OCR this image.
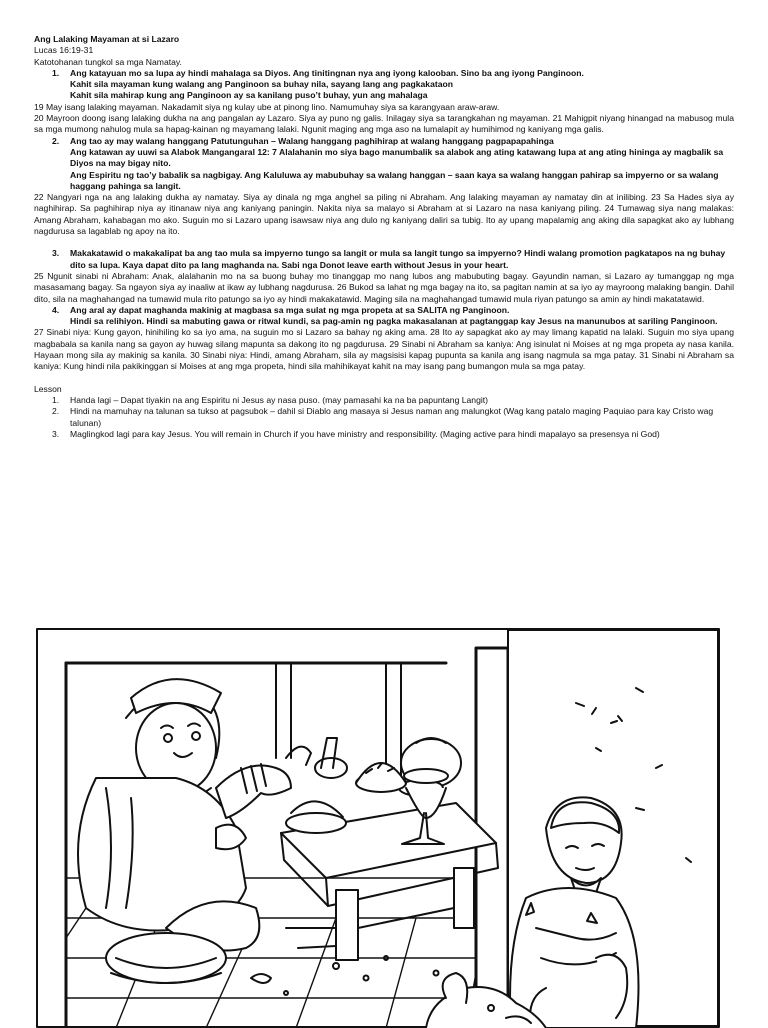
Ang Lalaking Mayaman at si Lazaro

Lucas 16:19-31

Katotohanan tungkol sa mga Namatay.

1. Ang katayuan mo sa lupa ay hindi mahalaga sa Diyos. Ang tinitingnan nya ang iyong kalooban. Sino ba ang iyong Panginoon.
Kahit sila mayaman kung walang ang Panginoon sa buhay nila, sayang lang ang pagkakataon
Kahit sila mahirap kung ang Panginoon ay sa kanilang puso’t buhay, yun ang mahalaga

19 May isang lalaking mayaman. Nakadamit siya ng kulay ube at pinong lino. Namumuhay siya sa karangyaan araw-araw.

20 Mayroon doong isang lalaking dukha na ang pangalan ay Lazaro. Siya ay puno ng galis. Inilagay siya sa tarangkahan ng mayaman. 21 Mahigpit niyang hinangad na mabusog mula sa mga mumong nahulog mula sa hapag-kainan ng mayamang lalaki. Ngunit maging ang mga aso na lumalapit ay humihimod ng kaniyang mga galis.

2. Ang tao ay may walang hanggang Patutunguhan – Walang hanggang paghihirap at walang hanggang pagpapapahinga
Ang katawan ay uuwi sa Alabok Mangangaral 12: 7 Alalahanin mo siya bago manumbalik sa alabok ang ating katawang lupa at ang ating hininga ay magbalik sa Diyos na may bigay nito.
Ang Espiritu ng tao’y babalik sa nagbigay. Ang Kaluluwa ay mabubuhay sa walang hanggan – saan kaya sa walang hanggan pahirap sa impyerno or sa walang haggang pahinga sa langit.

22 Nangyari nga na ang lalaking dukha ay namatay. Siya ay dinala ng mga anghel sa piling ni Abraham. Ang lalaking mayaman ay namatay din at inilibing. 23 Sa Hades siya ay naghihirap. Sa paghihirap niya ay itinanaw niya ang kaniyang paningin. Nakita niya sa malayo si Abraham at si Lazaro na nasa kaniyang piling. 24 Tumawag siya nang malakas: Amang Abraham, kahabagan mo ako. Suguin mo si Lazaro upang isawsaw niya ang dulo ng kaniyang daliri sa tubig. Ito ay upang mapalamig ang aking dila sapagkat ako ay lubhang nagdurusa sa lagablab ng apoy na ito.

3. Makakatawid o makakalipat ba ang tao mula sa impyerno tungo sa langit or mula sa langit tungo sa impyerno? Hindi walang promotion pagkatapos na ng buhay dito sa lupa. Kaya dapat dito pa lang maghanda na. Sabi nga Donot leave earth without Jesus in your heart.

25 Ngunit sinabi ni Abraham: Anak, alalahanin mo na sa buong buhay mo tinanggap mo nang lubos ang mabubuting bagay. Gayundin naman, si Lazaro ay tumanggap ng mga masasamang bagay. Sa ngayon siya ay inaaliw at ikaw ay lubhang nagdurusa. 26 Bukod sa lahat ng mga bagay na ito, sa pagitan namin at sa iyo ay mayroong malaking bangin. Dahil dito, sila na maghahangad na tumawid mula rito patungo sa iyo ay hindi makakatawid. Maging sila na maghahangad tumawid mula riyan patungo sa amin ay hindi makatatawid.

4. Ang aral ay dapat maghanda makinig at magbasa sa mga sulat ng mga propeta at sa SALITA ng Panginoon.
Hindi sa relihiyon. Hindi sa mabuting gawa or ritwal kundi, sa pag-amin ng pagka makasalanan at pagtanggap kay Jesus na manunubos at sariling Panginoon.

27 Sinabi niya: Kung gayon, hinihiling ko sa iyo ama, na suguin mo si Lazaro sa bahay ng aking ama. 28 Ito ay sapagkat ako ay may limang kapatid na lalaki. Suguin mo siya upang magbabala sa kanila nang sa gayon ay huwag silang mapunta sa dakong ito ng pagdurusa. 29 Sinabi ni Abraham sa kaniya: Ang isinulat ni Moises at ng mga propeta ay nasa kanila. Hayaan mong sila ay makinig sa kanila. 30 Sinabi niya: Hindi, amang Abraham, sila ay magsisisi kapag pupunta sa kanila ang isang nagmula sa mga patay. 31 Sinabi ni Abraham sa kaniya: Kung hindi nila pakikinggan si Moises at ang mga propeta, hindi sila mahihikayat kahit na may isang pang bumangon mula sa mga patay.

Lesson

1. Handa lagi – Dapat tiyakin na ang Espiritu ni Jesus ay nasa puso. (may pamasahi ka na ba papuntang Langit)
2. Hindi na mamuhay na talunan sa tukso at pagsubok – dahil si Diablo ang masaya si Jesus naman ang malungkot (Wag kang patalo maging Paquiao para kay Cristo wag talunan)
3. Maglingkod lagi para kay Jesus. You will remain in Church if you have ministry and responsibility. (Maging active para hindi mapalayo sa presensya ni God)
